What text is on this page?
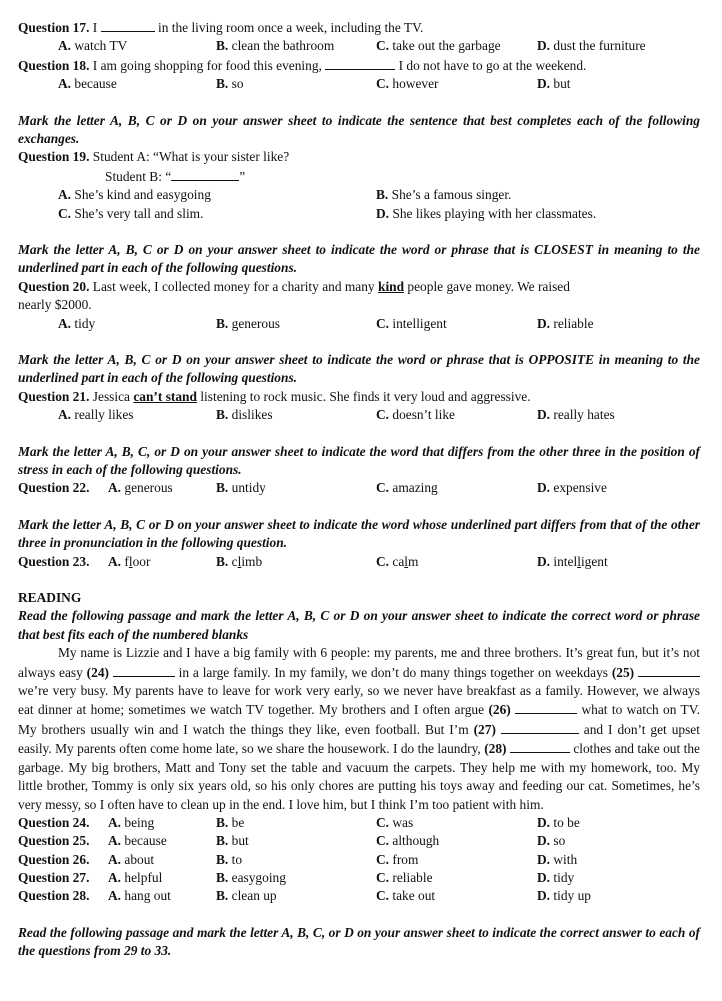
Question 17. I	in the living room once a week, including the TV.
A. watch TV	B. clean the bathroom	C. take out the garbage	D. dust the furniture
Question 18. I am going shopping for food this evening,	I do not have to go at the weekend.
A. because	B. so	C. however	D. but
Mark the letter A, B, C or D on your answer sheet to indicate the sentence that best completes each of the following exchanges.
Question 19. Student A: “What is your sister like?
Student B: “	”
A. She’s kind and easygoing	B. She’s a famous singer.
C. She’s very tall and slim.	D. She likes playing with her classmates.
Mark the letter A, B, C or D on your answer sheet to indicate the word or phrase that is CLOSEST in meaning to the underlined part in each of the following questions.
Question 20. Last week, I collected money for a charity and many kind people gave money. We raised
nearly $2000.
A. tidy	B. generous	C. intelligent	D. reliable
Mark the letter A, B, C or D on your answer sheet to indicate the word or phrase that is OPPOSITE in meaning to the underlined part in each of the following questions.
Question 21. Jessica can’t stand listening to rock music. She finds it very loud and aggressive.
A. really likes	B. dislikes	C. doesn’t like	D. really hates
Mark the letter A, B, C, or D on your answer sheet to indicate the word that differs from the other three in the position of stress in each of the following questions.
Question 22. A. generous	B. untidy	C. amazing	D. expensive
Mark the letter A, B, C or D on your answer sheet to indicate the word whose underlined part differs from that of the other three in pronunciation in the following question.
Question 23. A. floor	B. climb	C. calm	D. intelligent
READING
Read the following passage and mark the letter A, B, C or D on your answer sheet to indicate the correct word or phrase that best fits each of the numbered blanks
My name is Lizzie and I have a big family with 6 people: my parents, me and three brothers. It’s great fun, but it’s not always easy (24)	in a large family. In my family, we don’t do many things together on weekdays (25)  we’re very busy. My parents have to leave for work very early, so we never have breakfast as a family. However, we always eat dinner at home; sometimes we watch TV together. My brothers and I often argue (26)	what to watch on TV. My brothers usually win and I watch the things they like, even football. But I’m (27)	and I don’t get upset easily. My parents often come home late, so we share the housework. I do the laundry, (28)	clothes and take out the garbage. My big brothers, Matt and Tony set the table and vacuum the carpets. They help me with my homework, too. My little brother, Tommy is only six years old, so his only chores are putting his toys away and feeding our cat. Sometimes, he’s very messy, so I often have to clean up in the end. I love him, but I think I’m too patient with him.
Question 24. A. being	B. be	C. was	D. to be
Question 25. A. because	B. but	C. although	D. so
Question 26. A. about	B. to	C. from	D. with
Question 27. A. helpful	B. easygoing	C. reliable	D. tidy
Question 28. A. hang out	B. clean up	C. take out	D. tidy up
Read the following passage and mark the letter A, B, C, or D on your answer sheet to indicate the correct answer to each of the questions from 29 to 33.
